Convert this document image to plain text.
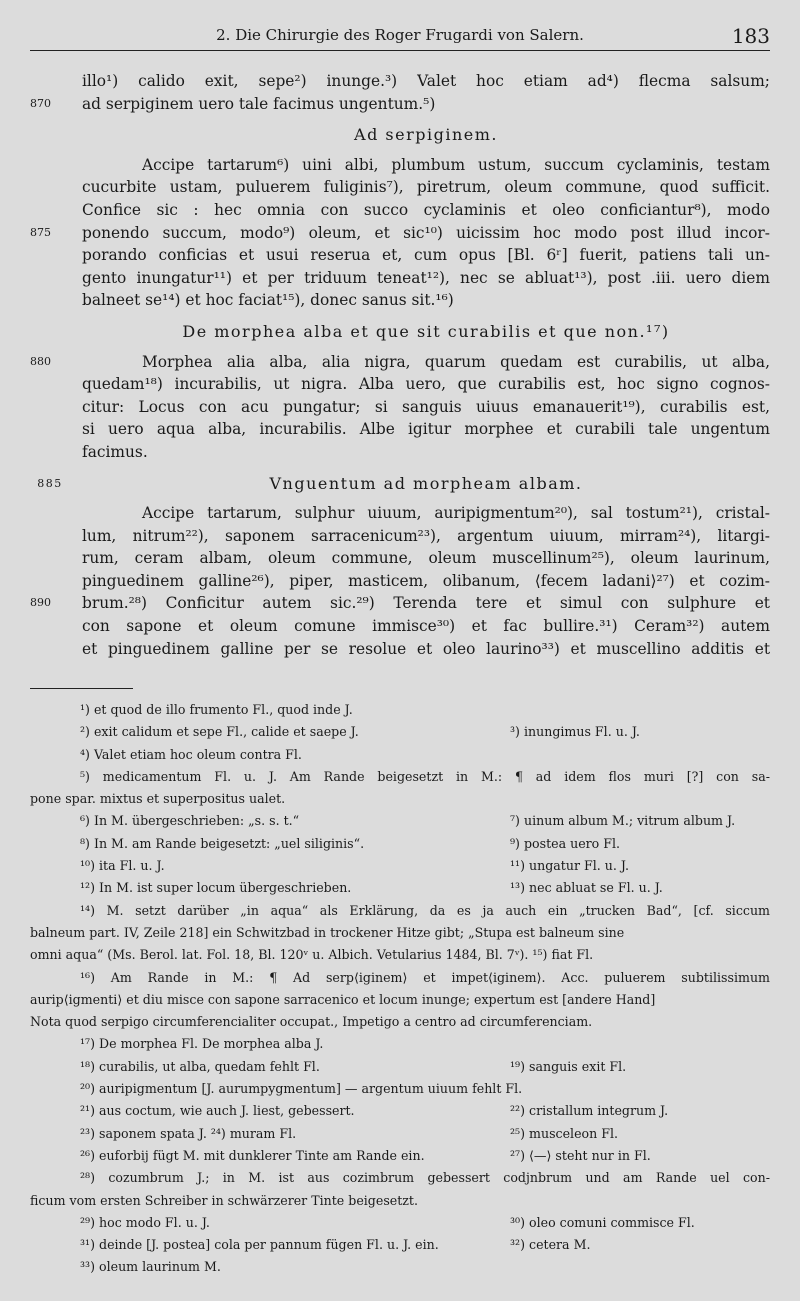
2. Die Chirurgie des Roger Frugardi von Salern.	183
illo¹) calido exit, sepe²) inunge.³) Valet hoc etiam ad⁴) flecma salsum;
870	ad serpiginem uero tale facimus ungentum.⁵)
Ad serpiginem.
Accipe tartarum⁶) uini albi, plumbum ustum, succum cyclaminis, testam
cucurbite ustam, puluerem fuliginis⁷), piretrum, oleum commune, quod sufficit.
Confice sic : hec omnia con succo cyclaminis et oleo conficiantur⁸), modo
875	ponendo succum, modo⁹) oleum, et sic¹⁰) uicissim hoc modo post illud incor-
porando conficias et usui reserua et, cum opus [Bl. 6ʳ] fuerit, patiens tali un-
gento inungatur¹¹) et per triduum teneat¹²), nec se abluat¹³), post .iii. uero diem
balneet se¹⁴) et hoc faciat¹⁵), donec sanus sit.¹⁶)
De morphea alba et que sit curabilis et que non.¹⁷)
880	Morphea alia alba, alia nigra, quarum quedam est curabilis, ut alba,
quedam¹⁸) incurabilis, ut nigra. Alba uero, que curabilis est, hoc signo cognos-
citur: Locus con acu pungatur; si sanguis uiuus emanauerit¹⁹), curabilis est,
si uero aqua alba, incurabilis. Albe igitur morphee et curabili tale ungentum
facimus.
885	Vnguentum ad morpheam albam.
Accipe tartarum, sulphur uiuum, auripigmentum²⁰), sal tostum²¹), cristal-
lum, nitrum²²), saponem sarracenicum²³), argentum uiuum, mirram²⁴), litargi-
rum, ceram albam, oleum commune, oleum muscellinum²⁵), oleum laurinum,
pinguedinem galline²⁶), piper, masticem, olibanum, ⟨fecem ladani⟩²⁷) et cozim-
890	brum.²⁸) Conficitur autem sic.²⁹) Terenda tere et simul con sulphure et
con sapone et oleum comune immisce³⁰) et fac bullire.³¹) Ceram³²) autem
et pinguedinem galline per se resolue et oleo laurino³³) et muscellino additis et
¹) et quod de illo frumento Fl., quod inde J.
²) exit calidum et sepe Fl., calide et saepe J.	³) inungimus Fl. u. J.
⁴) Valet etiam hoc oleum contra Fl.
⁵) medicamentum Fl. u. J. Am Rande beigesetzt in M.: ¶ ad idem flos muri [?] con sa-
pone spar. mixtus et superpositus ualet.
⁶) In M. übergeschrieben: „s. s. t.“	⁷) uinum album M.; vitrum album J.
⁸) In M. am Rande beigesetzt: „uel siliginis“.	⁹) postea uero Fl.
¹⁰) ita Fl. u. J.	¹¹) ungatur Fl. u. J.
¹²) In M. ist super locum übergeschrieben.	¹³) nec abluat se Fl. u. J.
¹⁴) M. setzt darüber „in aqua“ als Erklärung, da es ja auch ein „trucken Bad“, [cf. siccum
balneum part. IV, Zeile 218] ein Schwitzbad in trockener Hitze gibt; „Stupa est balneum sine
omni aqua“ (Ms. Berol. lat. Fol. 18, Bl. 120ᵛ u. Albich. Vetularius 1484, Bl. 7ᵛ). ¹⁵) fiat Fl.
¹⁶) Am Rande in M.: ¶ Ad serp⟨iginem⟩ et impet⟨iginem⟩. Acc. puluerem subtilissimum
aurip⟨igmenti⟩ et diu misce con sapone sarracenico et locum inunge; expertum est [andere Hand]
Nota quod serpigo circumferencialiter occupat., Impetigo a centro ad circumferenciam.
¹⁷) De morphea Fl. De morphea alba J.
¹⁸) curabilis, ut alba, quedam fehlt Fl.	¹⁹) sanguis exit Fl.
²⁰) auripigmentum [J. aurumpygmentum] — argentum uiuum fehlt Fl.
²¹) aus coctum, wie auch J. liest, gebessert.	²²) cristallum integrum J.
²³) saponem spata J. ²⁴) muram Fl.	²⁵) musceleon Fl.
²⁶) euforbij fügt M. mit dunklerer Tinte am Rande ein.	²⁷) ⟨—⟩ steht nur in Fl.
²⁸) cozumbrum J.; in M. ist aus cozimbrum gebessert codjnbrum und am Rande uel con-
ficum vom ersten Schreiber in schwärzerer Tinte beigesetzt.
²⁹) hoc modo Fl. u. J.	³⁰) oleo comuni commisce Fl.
³¹) deinde [J. postea] cola per pannum fügen Fl. u. J. ein.	³²) cetera M.
³³) oleum laurinum M.
